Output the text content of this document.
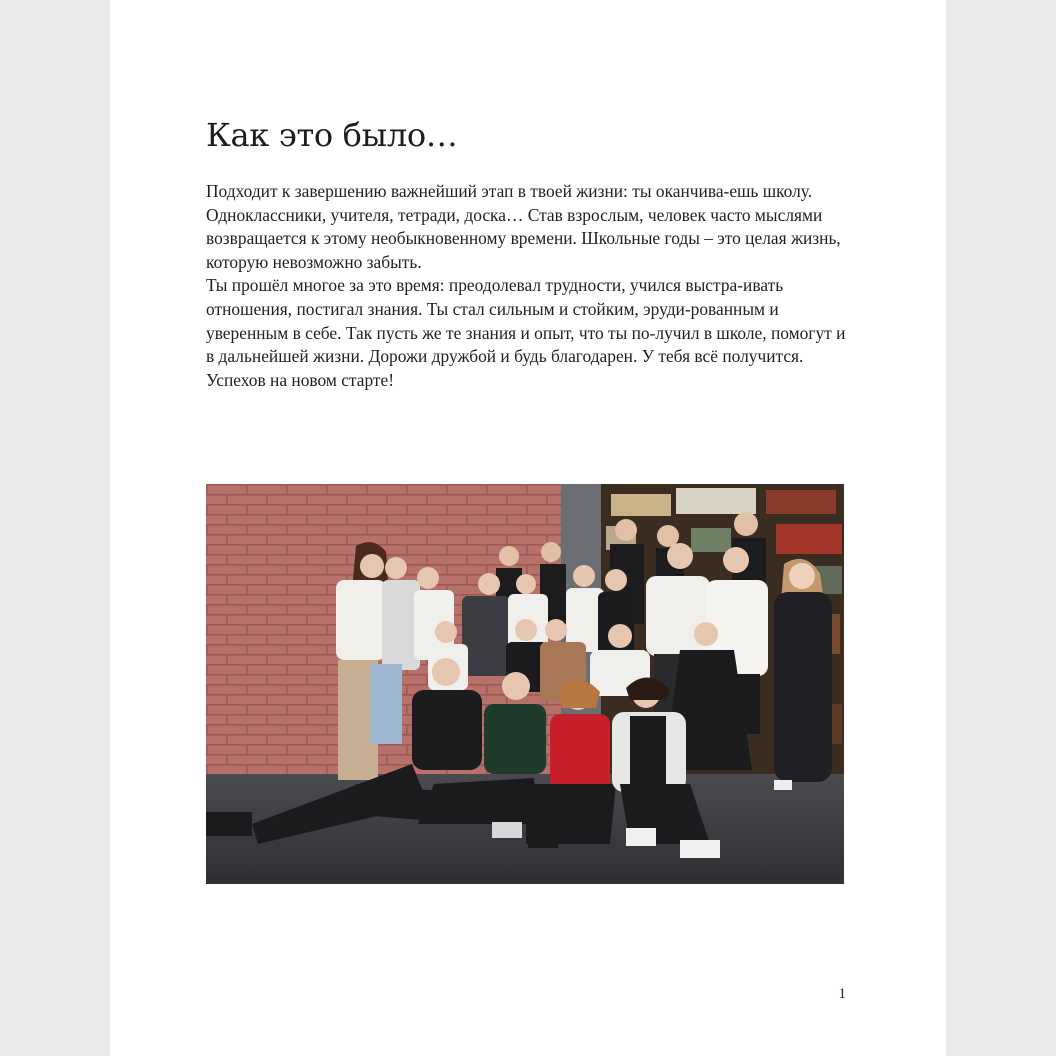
Как это было…

Подходит к завершению важнейший этап в твоей жизни: ты оканчива-ешь школу.

Одноклассники, учителя, тетради, доска… Став взрослым, человек часто мыслями возвращается к этому необыкновенному времени. Школьные годы – это целая жизнь, которую невозможно забыть.

Ты прошёл многое за это время: преодолевал трудности, учился выстра-ивать отношения, постигал знания. Ты стал сильным и стойким, эруди-рованным и уверенным в себе. Так пусть же те знания и опыт, что ты по-лучил в школе, помогут и в дальнейшей жизни. Дорожи дружбой и будь благодарен. У тебя всё получится.

Успехов на новом старте!

1
